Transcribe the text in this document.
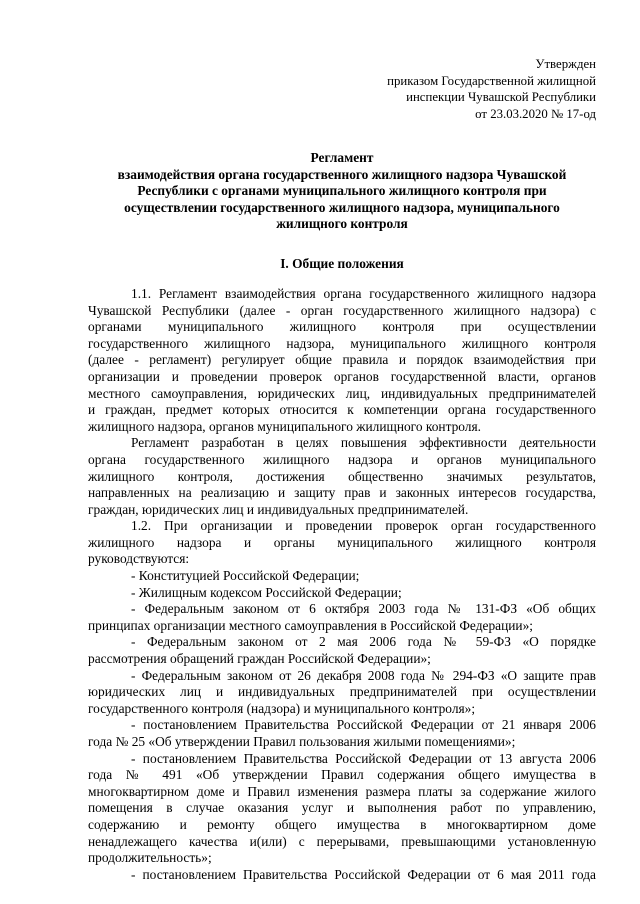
Утвержден
приказом Государственной жилищной
инспекции Чувашской Республики
от 23.03.2020 № 17-од
Регламент
взаимодействия органа государственного жилищного надзора Чувашской
Республики с органами муниципального жилищного контроля при
осуществлении государственного жилищного надзора, муниципального
жилищного контроля
I. Общие положения
1.1. Регламент взаимодействия органа государственного жилищного надзора
Чувашской Республики (далее - орган государственного жилищного надзора) с
органами муниципального жилищного контроля при осуществлении
государственного жилищного надзора, муниципального жилищного контроля
(далее - регламент) регулирует общие правила и порядок взаимодействия при
организации и проведении проверок органов государственной власти, органов
местного самоуправления, юридических лиц, индивидуальных предпринимателей
и граждан, предмет которых относится к компетенции органа государственного
жилищного надзора, органов муниципального жилищного контроля.
Регламент разработан в целях повышения эффективности деятельности
органа государственного жилищного надзора и органов муниципального
жилищного контроля, достижения общественно значимых результатов,
направленных на реализацию и защиту прав и законных интересов государства,
граждан, юридических лиц и индивидуальных предпринимателей.
1.2. При организации и проведении проверок орган государственного
жилищного надзора и органы муниципального жилищного контроля
руководствуются:
- Конституцией Российской Федерации;
- Жилищным кодексом Российской Федерации;
- Федеральным законом от 6 октября 2003 года № 131-ФЗ «Об общих
принципах организации местного самоуправления в Российской Федерации»;
- Федеральным законом от 2 мая 2006 года № 59-ФЗ «О порядке
рассмотрения обращений граждан Российской Федерации»;
- Федеральным законом от 26 декабря 2008 года № 294-ФЗ «О защите прав
юридических лиц и индивидуальных предпринимателей при осуществлении
государственного контроля (надзора) и муниципального контроля»;
- постановлением Правительства Российской Федерации от 21 января 2006
года № 25 «Об утверждении Правил пользования жилыми помещениями»;
- постановлением Правительства Российской Федерации от 13 августа 2006
года № 491 «Об утверждении Правил содержания общего имущества в
многоквартирном доме и Правил изменения размера платы за содержание жилого
помещения в случае оказания услуг и выполнения работ по управлению,
содержанию и ремонту общего имущества в многоквартирном доме
ненадлежащего качества и(или) с перерывами, превышающими установленную
продолжительность»;
- постановлением Правительства Российской Федерации от 6 мая 2011 года
